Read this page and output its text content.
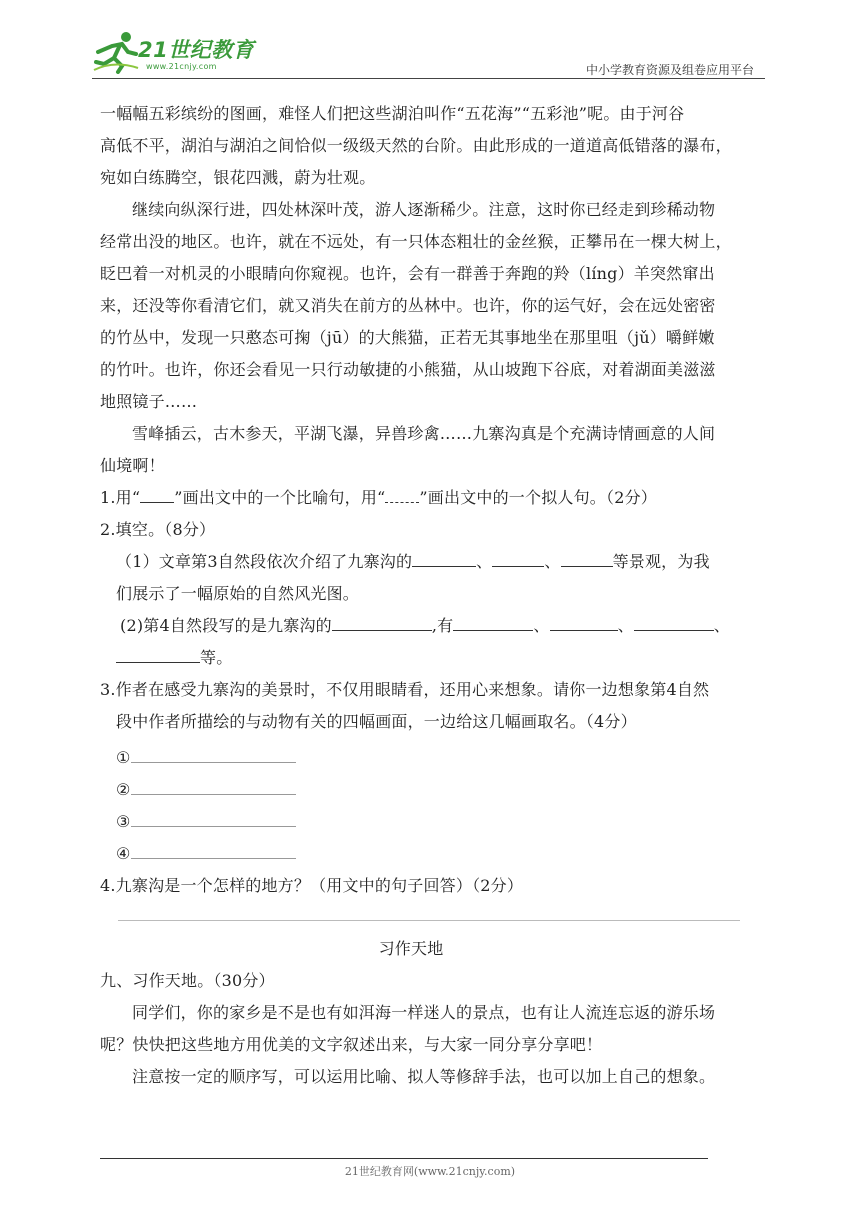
21世纪教育
www.21cnjy.com	中小学教育资源及组卷应用平台
一幅幅五彩缤纷的图画，难怪人们把这些湖泊叫作“五花海”“五彩池”呢。由于河谷
高低不平，湖泊与湖泊之间恰似一级级天然的台阶。由此形成的一道道高低错落的瀑布，
宛如白练腾空，银花四溅，蔚为壮观。
继续向纵深行进，四处林深叶茂，游人逐渐稀少。注意，这时你已经走到珍稀动物
经常出没的地区。也许，就在不远处，有一只体态粗壮的金丝猴，正攀吊在一棵大树上，
眨巴着一对机灵的小眼睛向你窥视。也许，会有一群善于奔跑的羚（líng）羊突然窜出
来，还没等你看清它们，就又消失在前方的丛林中。也许，你的运气好，会在远处密密
的竹丛中，发现一只憨态可掬（jū）的大熊猫，正若无其事地坐在那里咀（jǔ）嚼鲜嫩
的竹叶。也许，你还会看见一只行动敏捷的小熊猫，从山坡跑下谷底，对着湖面美滋滋
地照镜子……
雪峰插云，古木参天，平湖飞瀑，异兽珍禽……九寨沟真是个充满诗情画意的人间
仙境啊！
1.用“ ”画出文中的一个比喻句，用“ ”画出文中的一个拟人句。（2分）
2.填空。（8分）
（1）文章第3自然段依次介绍了九寨沟的	、	、	等景观，为我
们展示了一幅原始的自然风光图。
(2)第4自然段写的是九寨沟的	,有	、	、	、
等。
3.作者在感受九寨沟的美景时，不仅用眼睛看，还用心来想象。请你一边想象第4自然
段中作者所描绘的与动物有关的四幅画面，一边给这几幅画取名。（4分）
①
②
③
④
4.九寨沟是一个怎样的地方？（用文中的句子回答）（2分）
习作天地
九、习作天地。（30分）
同学们，你的家乡是不是也有如洱海一样迷人的景点，也有让人流连忘返的游乐场
呢？快快把这些地方用优美的文字叙述出来，与大家一同分享分享吧！
注意按一定的顺序写，可以运用比喻、拟人等修辞手法，也可以加上自己的想象。
21世纪教育网(www.21cnjy.com)
